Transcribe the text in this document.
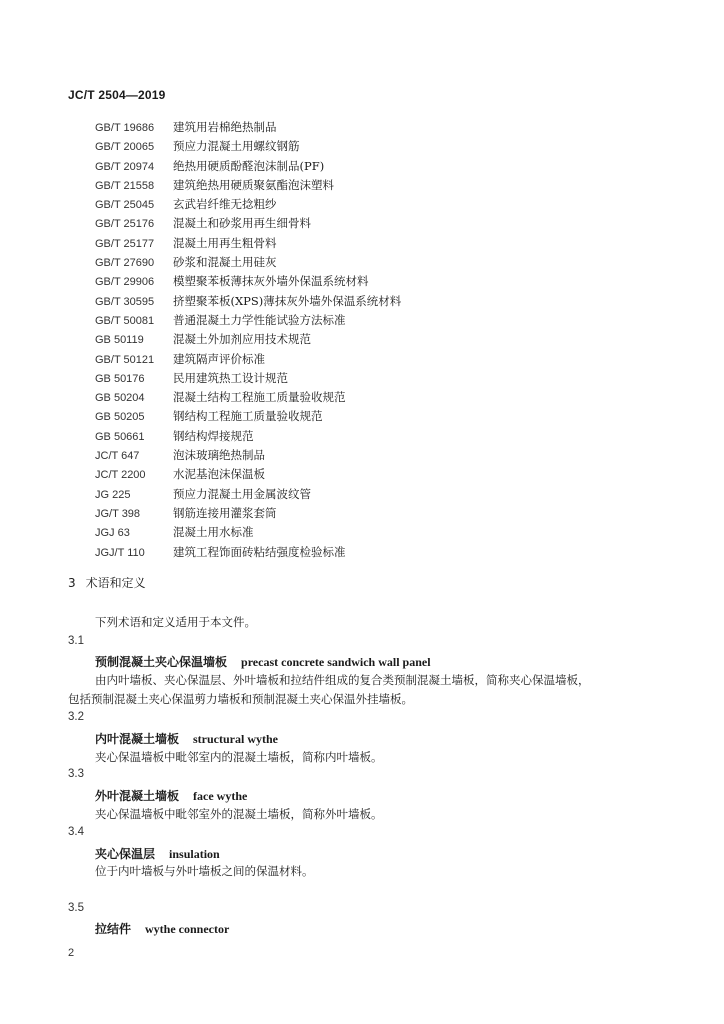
JC/T 2504—2019
GB/T 19686 建筑用岩棉绝热制品
GB/T 20065 预应力混凝土用螺纹钢筋
GB/T 20974 绝热用硬质酚醛泡沫制品(PF)
GB/T 21558 建筑绝热用硬质聚氨酯泡沫塑料
GB/T 25045 玄武岩纤维无捻粗纱
GB/T 25176 混凝土和砂浆用再生细骨料
GB/T 25177 混凝土用再生粗骨料
GB/T 27690 砂浆和混凝土用硅灰
GB/T 29906 模塑聚苯板薄抹灰外墙外保温系统材料
GB/T 30595 挤塑聚苯板(XPS)薄抹灰外墙外保温系统材料
GB/T 50081 普通混凝土力学性能试验方法标准
GB 50119	混凝土外加剂应用技术规范
GB/T 50121 建筑隔声评价标准
GB 50176 民用建筑热工设计规范
GB 50204 混凝土结构工程施工质量验收规范
GB 50205 钢结构工程施工质量验收规范
GB 50661 钢结构焊接规范
JC/T 647	泡沫玻璃绝热制品
JC/T 2200 水泥基泡沫保温板
JG 225	预应力混凝土用金属波纹管
JG/T 398	钢筋连接用灌浆套筒
JGJ 63	混凝土用水标准
JGJ/T 110 建筑工程饰面砖粘结强度检验标准
3 术语和定义
下列术语和定义适用于本文件。
3.1
预制混凝土夹心保温墙板 precast concrete sandwich wall panel
由内叶墙板、夹心保温层、外叶墙板和拉结件组成的复合类预制混凝土墙板，简称夹心保温墙板，
包括预制混凝土夹心保温剪力墙板和预制混凝土夹心保温外挂墙板。
3.2
内叶混凝土墙板 structural wythe
夹心保温墙板中毗邻室内的混凝土墙板，简称内叶墙板。
3.3
外叶混凝土墙板 face wythe
夹心保温墙板中毗邻室外的混凝土墙板，简称外叶墙板。
3.4
夹心保温层 insulation
位于内叶墙板与外叶墙板之间的保温材料。
3.5
拉结件 wythe connector
2
